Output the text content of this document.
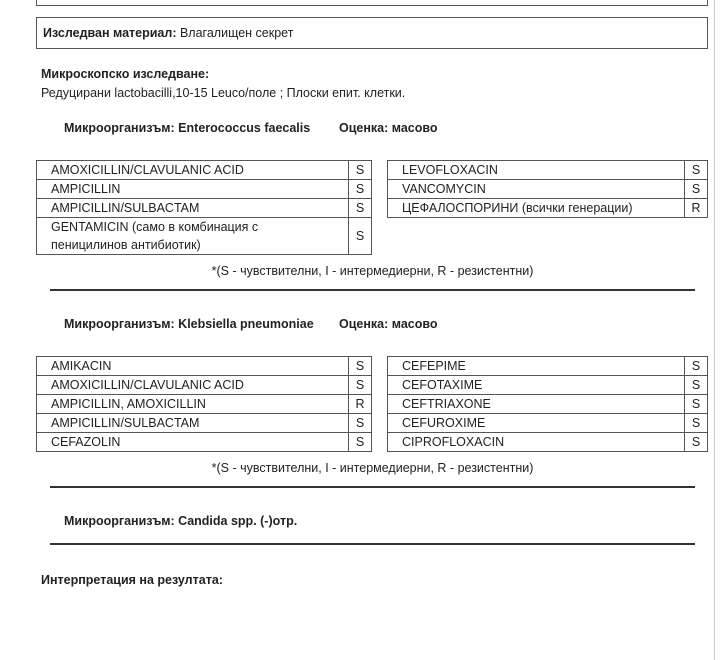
Изследван материал: Влагалищен секрет
Микроскопско изследване:
Редуцирани lactobacilli,10-15 Leuco/поле ; Плоски епит. клетки.
Микроорганизъм: Enterococcus faecalis	Оценка: масово
AMOXICILLIN/CLAVULANIC ACID	S
AMPICILLIN	S
AMPICILLIN/SULBACTAM	S
GENTAMICIN (само в комбинация с пеницилинов антибиотик)	S
LEVOFLOXACIN	S
VANCOMYCIN	S
ЦЕФАЛОСПОРИНИ (всички генерации)	R
*(S - чувствителни, I - интермедиерни, R - резистентни)
Микроорганизъм: Klebsiella pneumoniae Оценка: масово
AMIKACIN	S
AMOXICILLIN/CLAVULANIC ACID	S
AMPICILLIN, AMOXICILLIN	R
AMPICILLIN/SULBACTAM	S
CEFAZOLIN	S
CEFEPIME	S
CEFOTAXIME	S
CEFTRIAXONE	S
CEFUROXIME	S
CIPROFLOXACIN	S
*(S - чувствителни, I - интермедиерни, R - резистентни)
Микроорганизъм: Candida spp. (-)отр.
Интерпретация на резултата:
